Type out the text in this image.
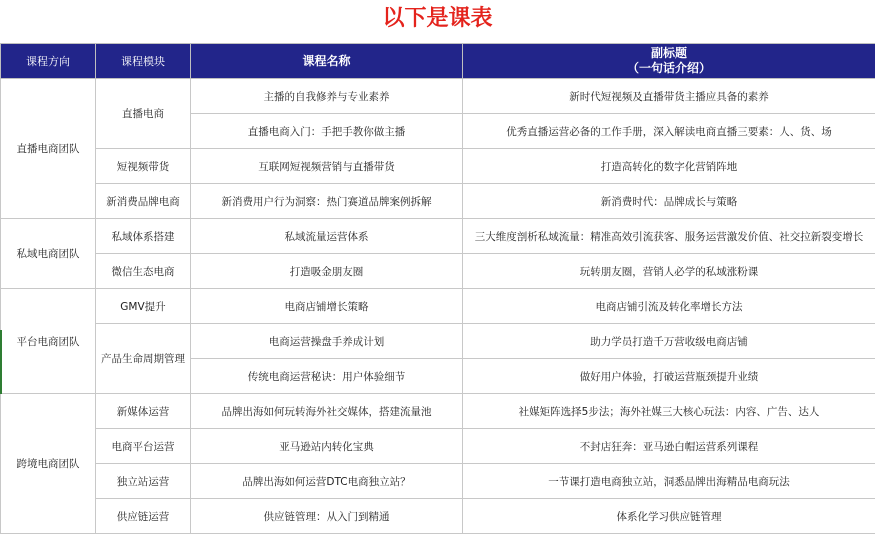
以下是课表
课程方向	课程模块	课程名称	副标题
（一句话介绍）

直播电商团队	直播电商	主播的自我修养与专业素养	新时代短视频及直播带货主播应具备的素养
		直播电商入门：手把手教你做主播	优秀直播运营必备的工作手册，深入解读电商直播三要素：人、货、场
	短视频带货	互联网短视频营销与直播带货	打造高转化的数字化营销阵地
	新消费品牌电商	新消费用户行为洞察：热门赛道品牌案例拆解	新消费时代：品牌成长与策略
私域电商团队	私域体系搭建	私域流量运营体系	三大维度剖析私域流量：精准高效引流获客、服务运营激发价值、社交拉新裂变增长
	微信生态电商	打造吸金朋友圈	玩转朋友圈，营销人必学的私域涨粉课
平台电商团队	GMV提升	电商店铺增长策略	电商店铺引流及转化率增长方法
	产品生命周期管理	电商运营操盘手养成计划	助力学员打造千万营收级电商店铺
		传统电商运营秘诀：用户体验细节	做好用户体验，打破运营瓶颈提升业绩
跨境电商团队	新媒体运营	品牌出海如何玩转海外社交媒体，搭建流量池	社媒矩阵选择5步法；海外社媒三大核心玩法：内容、广告、达人
	电商平台运营	亚马逊站内转化宝典	不封店狂奔：亚马逊白帽运营系列课程
	独立站运营	品牌出海如何运营DTC电商独立站？	一节课打造电商独立站，洞悉品牌出海精品电商玩法
	供应链运营	供应链管理：从入门到精通	体系化学习供应链管理
